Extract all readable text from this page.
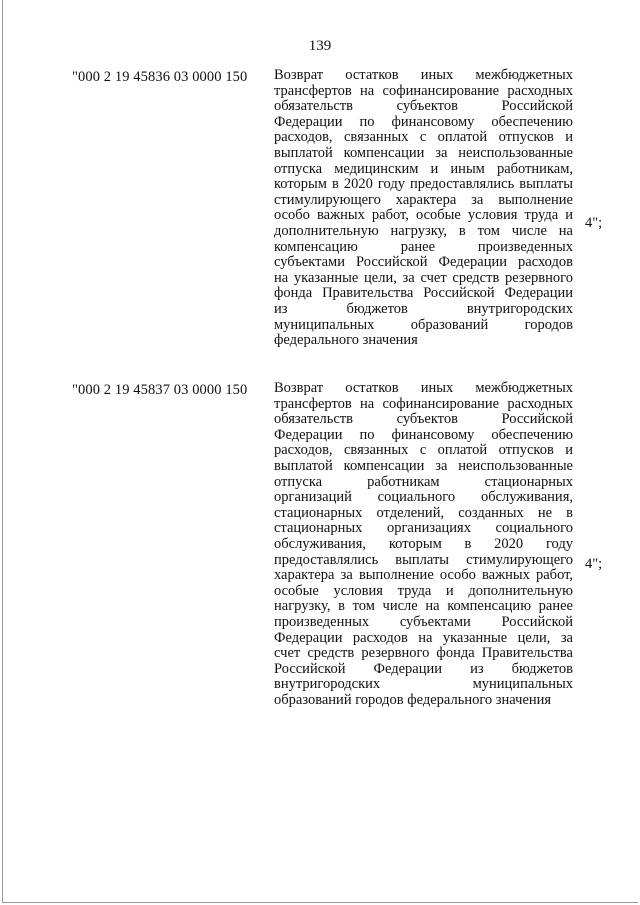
139
"000 2 19 45836 03 0000 150 Возврат остатков иных межбюджетных
трансфертов на софинансирование расходных
обязательств субъектов Российской
Федерации по финансовому обеспечению
расходов, связанных с оплатой отпусков и
выплатой компенсации за неиспользованные
отпуска медицинским и иным работникам,
которым в 2020 году предоставлялись выплаты
стимулирующего характера за выполнение
особо важных работ, особые условия труда и
дополнительную нагрузку, в том числе на
компенсацию ранее произведенных
субъектами Российской Федерации расходов
на указанные цели, за счет средств резервного
фонда Правительства Российской Федерации
из бюджетов внутригородских
муниципальных образований городов
федерального значения
4";
"000 2 19 45837 03 0000 150 Возврат остатков иных межбюджетных
трансфертов на софинансирование расходных
обязательств субъектов Российской
Федерации по финансовому обеспечению
расходов, связанных с оплатой отпусков и
выплатой компенсации за неиспользованные
отпуска работникам стационарных
организаций социального обслуживания,
стационарных отделений, созданных не в
стационарных организациях социального
обслуживания, которым в 2020 году
предоставлялись выплаты стимулирующего
характера за выполнение особо важных работ,
особые условия труда и дополнительную
нагрузку, в том числе на компенсацию ранее
произведенных субъектами Российской
Федерации расходов на указанные цели, за
счет средств резервного фонда Правительства
Российской Федерации из бюджетов
внутригородских муниципальных
образований городов федерального значения
4";
